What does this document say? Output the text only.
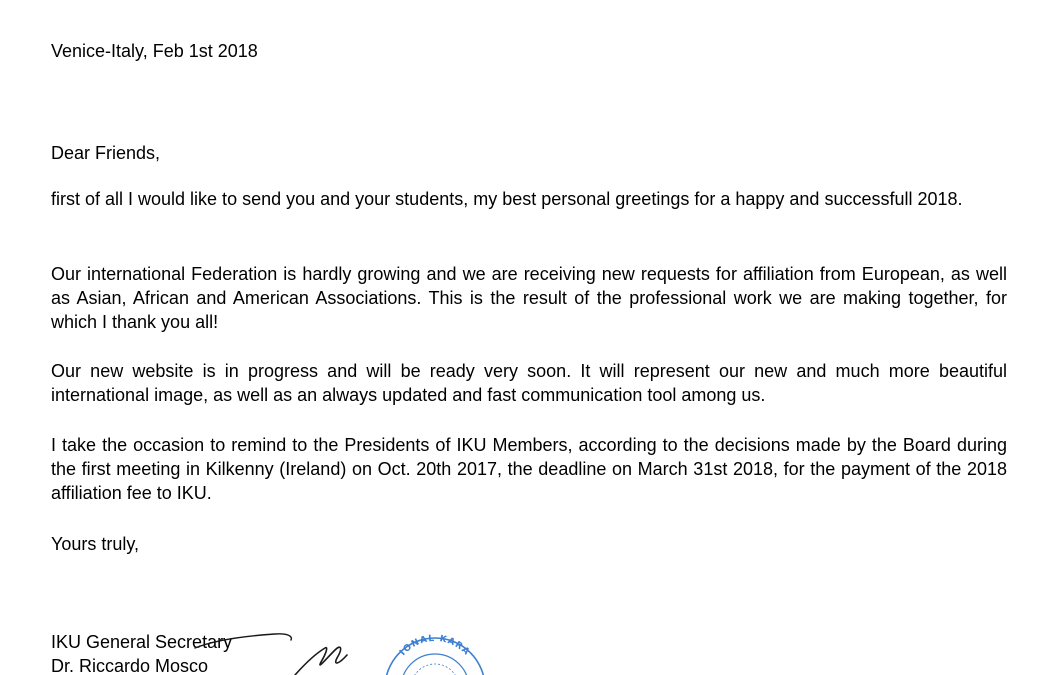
Venice-Italy, Feb 1st 2018

Dear Friends,

first of all I would like to send you and your students, my best personal greetings for a happy and successfull 2018.

Our international Federation is hardly growing and we are receiving new requests for affiliation from European, as well as Asian, African and American Associations. This is the result of the professional work we are making together, for which I thank you all!

Our new website is in progress and will be ready very soon. It will represent our new and much more beautiful international image, as well as an always updated and fast communication tool among us.

I take the occasion to remind to the Presidents of IKU Members, according to the decisions made by the Board during the first meeting in Kilkenny (Ireland) on Oct. 20th 2017, the deadline on March 31st 2018, for the payment of the 2018 affiliation fee to IKU.

Yours truly,

IKU General Secretary
Dr. Riccardo Mosco
IONAL KARA
